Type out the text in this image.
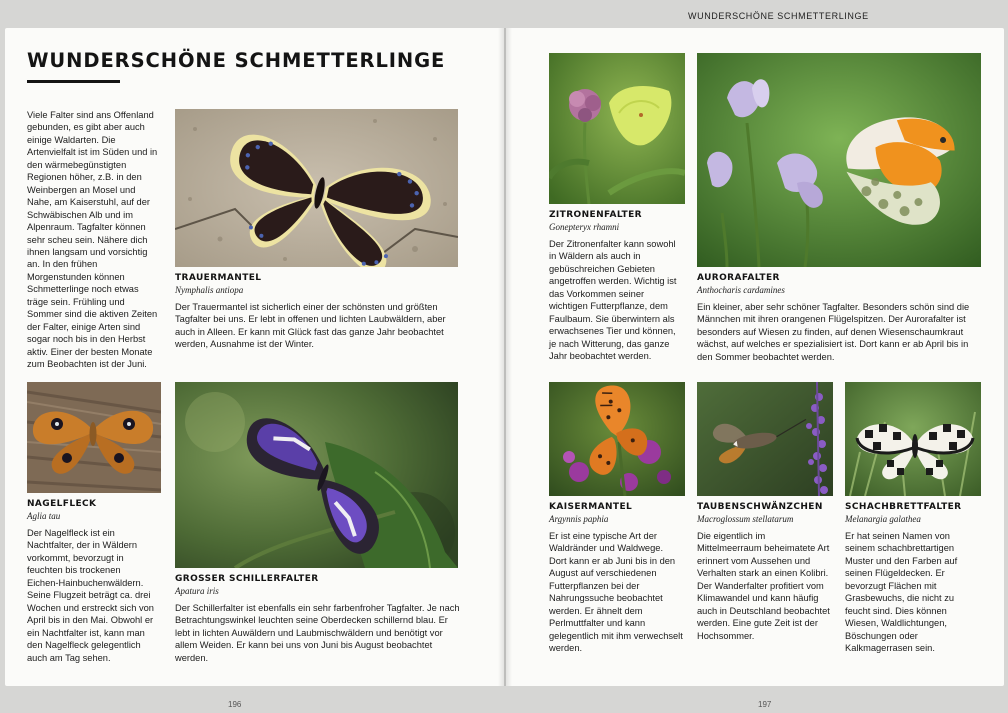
WUNDERSCHÖNE SCHMETTERLINGE
WUNDERSCHÖNE SCHMETTERLINGE

Viele Falter sind ans Offenland gebunden, es gibt aber auch einige Waldarten. Die Artenvielfalt ist im Süden und in den wärmebegünstigten Regionen höher, z.B. in den Weinbergen an Mosel und Nahe, am Kaiserstuhl, auf der Schwäbischen Alb und im Alpenraum. Tagfalter können sehr scheu sein. Nähere dich ihnen langsam und vorsichtig an. In den frühen Morgenstunden können Schmetterlinge noch etwas träge sein. Frühling und Sommer sind die aktiven Zeiten der Falter, einige Arten sind sogar noch bis in den Herbst aktiv. Einer der besten Monate zum Beobachten ist der Juni.

TRAUERMANTEL

Nymphalis antiopa

Der Trauermantel ist sicherlich einer der schönsten und größten Tagfalter bei uns. Er lebt in offenen und lichten Laubwäldern, aber auch in Alleen. Er kann mit Glück fast das ganze Jahr beobachtet werden, Ausnahme ist der Winter.

NAGELFLECK

Aglia tau

Der Nagelfleck ist ein Nachtfalter, der in Wäldern vorkommt, bevorzugt in feuchten bis trockenen Eichen-Hainbuchenwäldern. Seine Flugzeit beträgt ca. drei Wochen und erstreckt sich von April bis in den Mai. Obwohl er ein Nachtfalter ist, kann man den Nagelfleck gelegentlich auch am Tag sehen.

GROSSER SCHILLERFALTER

Apatura iris

Der Schillerfalter ist ebenfalls ein sehr farbenfroher Tagfalter. Je nach Betrachtungswinkel leuchten seine Oberdecken schillernd blau. Er lebt in lichten Auwäldern und Laubmischwäldern und benötigt vor allem Weiden. Er kann bei uns von Juni bis August beobachtet werden.

ZITRONENFALTER

Gonepteryx rhamni

Der Zitronenfalter kann sowohl in Wäldern als auch in gebüschreichen Gebieten angetroffen werden. Wichtig ist das Vorkommen seiner wichtigen Futterpflanze, dem Faulbaum. Sie überwintern als erwachsenes Tier und können, je nach Witterung, das ganze Jahr beobachtet werden.

AURORAFALTER

Anthocharis cardamines

Ein kleiner, aber sehr schöner Tagfalter. Besonders schön sind die Männchen mit ihren orangenen Flügelspitzen. Der Aurorafalter ist besonders auf Wiesen zu finden, auf denen Wiesenschaumkraut wächst, auf welches er spezialisiert ist. Dort kann er ab April bis in den Sommer beobachtet werden.

KAISERMANTEL

Argynnis paphia

Er ist eine typische Art der Waldränder und Waldwege. Dort kann er ab Juni bis in den August auf verschiedenen Futterpflanzen bei der Nahrungssuche beobachtet werden. Er ähnelt dem Perlmuttfalter und kann gelegentlich mit ihm verwechselt werden.

TAUBENSCHWÄNZCHEN

Macroglossum stellatarum

Die eigentlich im Mittelmeerraum beheimatete Art erinnert vom Aussehen und Verhalten stark an einen Kolibri. Der Wanderfalter profitiert vom Klimawandel und kann häufig auch in Deutschland beobachtet werden. Eine gute Zeit ist der Hochsommer.

SCHACHBRETTFALTER

Melanargia galathea

Er hat seinen Namen von seinem schachbrettartigen Muster und den Farben auf seinen Flügeldecken. Er bevorzugt Flächen mit Grasbewuchs, die nicht zu feucht sind. Dies können Wiesen, Waldlichtungen, Böschungen oder Kalkmagerrasen sein.

196	197
